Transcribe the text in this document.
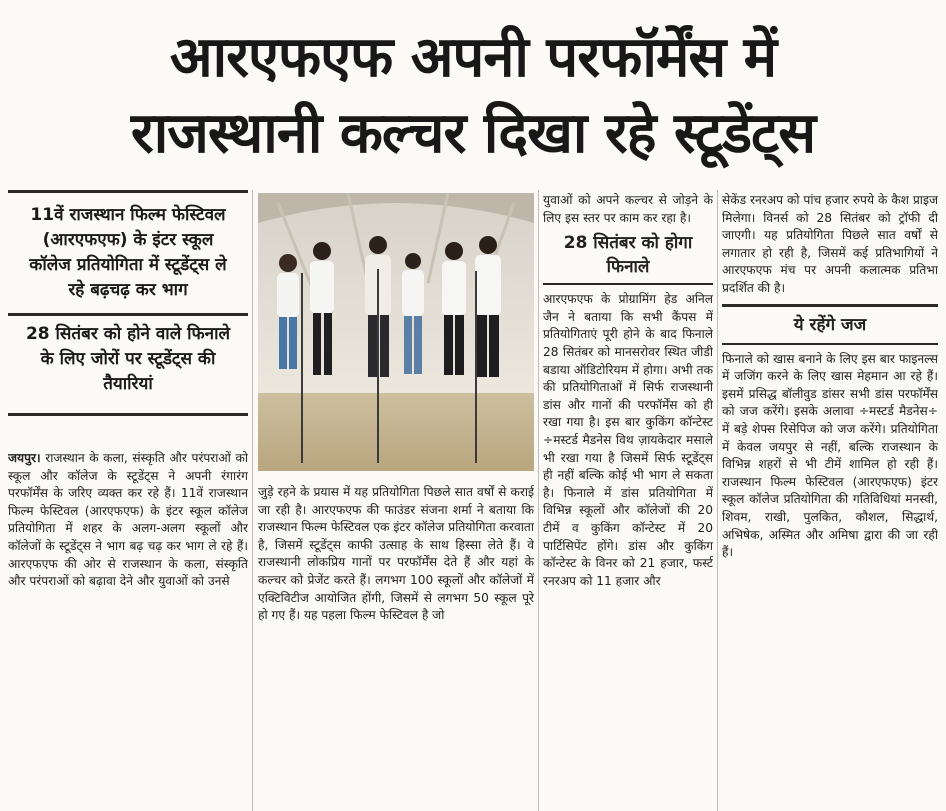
आरएफएफ अपनी परफॉर्मेंस में
राजस्थानी कल्चर दिखा रहे स्टूडेंट्स
11वें राजस्थान फिल्म फेस्टिवल (आरएफएफ) के इंटर स्कूल कॉलेज प्रतियोगिता में स्टूडेंट्स ले रहे बढ़चढ़ कर भाग
28 सितंबर को होने वाले फिनाले के लिए जोरों पर स्टूडेंट्स की तैयारियां
जयपुर। राजस्थान के कला, संस्कृति और परंपराओं को स्कूल और कॉलेज के स्टूडेंट्स ने अपनी रंगारंग परफॉर्मेंस के जरिए व्यक्त कर रहे हैं। 11वें राजस्थान फिल्म फेस्टिवल (आरएफएफ) के इंटर स्कूल कॉलेज प्रतियोगिता में शहर के अलग-अलग स्कूलों और कॉलेजों के स्टूडेंट्स ने भाग बढ़ चढ़ कर भाग ले रहे हैं। आरएफएफ की ओर से राजस्थान के कला, संस्कृति और परंपराओं को बढ़ावा देने और युवाओं को उनसे

जुड़े रहने के प्रयास में यह प्रतियोगिता पिछले सात वर्षों से कराई जा रही है। आरएफएफ की फाउंडर संजना शर्मा ने बताया कि राजस्थान फिल्म फेस्टिवल एक इंटर कॉलेज प्रतियोगिता करवाता है, जिसमें स्टूडेंट्स काफी उत्साह के साथ हिस्सा लेते हैं। वे राजस्थानी लोकप्रिय गानों पर परफॉर्मेंस देते हैं और यहां के कल्चर को प्रेजेंट करते हैं। लगभग 100 स्कूलों और कॉलेजों में एक्टिविटीज आयोजित होंगी, जिसमें से लगभग 50 स्कूल पूरे हो गए हैं। यह पहला फिल्म फेस्टिवल है जो

युवाओं को अपने कल्चर से जोड़ने के लिए इस स्तर पर काम कर रहा है।

28 सितंबर को होगा फिनाले

आरएफएफ के प्रोग्रामिंग हेड अनिल जैन ने बताया कि सभी कैंपस में प्रतियोगिताएं पूरी होने के बाद फिनाले 28 सितंबर को मानसरोवर स्थित जीडी बडाया ऑडिटोरियम में होगा। अभी तक की प्रतियोगिताओं में सिर्फ राजस्थानी डांस और गानों की परफॉर्मेंस को ही रखा गया है। इस बार कुकिंग कॉन्टेस्ट ÷मस्टर्ड मैडनेस विथ ज़ायकेदार मसाले भी रखा गया है जिसमें सिर्फ स्टूडेंट्स ही नहीं बल्कि कोई भी भाग ले सकता है। फिनाले में डांस प्रतियोगिता में विभिन्न स्कूलों और कॉलेजों की 20 टीमें व कुकिंग कॉन्टेस्ट में 20 पार्टिसिपेंट होंगे। डांस और कुकिंग कॉन्टेस्ट के विनर को 21 हजार, फर्स्ट रनरअप को 11 हजार और

सेकेंड रनरअप को पांच हजार रुपये के कैश प्राइज मिलेगा। विनर्स को 28 सितंबर को ट्रॉफी दी जाएगी। यह प्रतियोगिता पिछले सात वर्षों से लगातार हो रही है, जिसमें कई प्रतिभागियों ने आरएफएफ मंच पर अपनी कलात्मक प्रतिभा प्रदर्शित की है।

ये रहेंगे जज

फिनाले को खास बनाने के लिए इस बार फाइनल्स में जजिंग करने के लिए खास मेहमान आ रहे हैं। इसमें प्रसिद्ध बॉलीवुड डांसर सभी डांस परफॉर्मेंस को जज करेंगे। इसके अलावा ÷मस्टर्ड मैडनेस÷ में बड़े शेफ्स रिसेपिज को जज करेंगे। प्रतियोगिता में केवल जयपुर से नहीं, बल्कि राजस्थान के विभिन्न शहरों से भी टीमें शामिल हो रही हैं। राजस्थान फिल्म फेस्टिवल (आरएफएफ) इंटर स्कूल कॉलेज प्रतियोगिता की गतिविधियां मनस्वी, शिवम, राखी, पुलकित, कौशल, सिद्धार्थ, अभिषेक, अस्मित और अमिषा द्वारा की जा रही हैं।
